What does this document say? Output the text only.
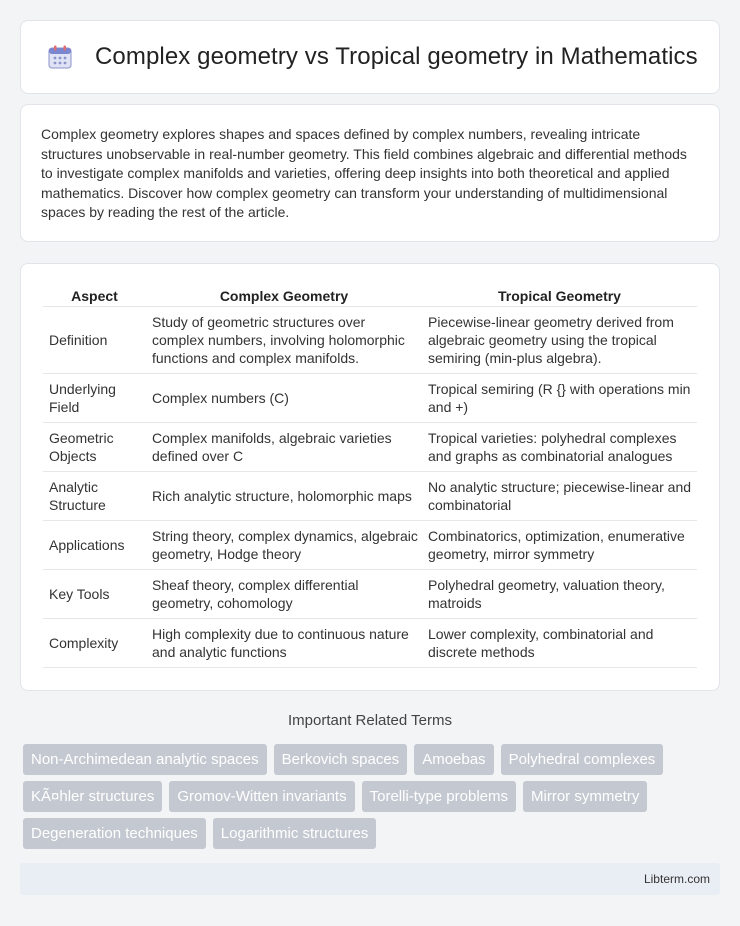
Complex geometry vs Tropical geometry in Mathematics

Complex geometry explores shapes and spaces defined by complex numbers, revealing intricate structures unobservable in real-number geometry. This field combines algebraic and differential methods to investigate complex manifolds and varieties, offering deep insights into both theoretical and applied mathematics. Discover how complex geometry can transform your understanding of multidimensional spaces by reading the rest of the article.

Aspect	Complex Geometry	Tropical Geometry
Definition	Study of geometric structures over complex numbers, involving holomorphic functions and complex manifolds.	Piecewise-linear geometry derived from algebraic geometry using the tropical semiring (min-plus algebra).
Underlying Field	Complex numbers (C)	Tropical semiring (R {} with operations min and +)
Geometric Objects	Complex manifolds, algebraic varieties defined over C	Tropical varieties: polyhedral complexes and graphs as combinatorial analogues
Analytic Structure	Rich analytic structure, holomorphic maps	No analytic structure; piecewise-linear and combinatorial
Applications	String theory, complex dynamics, algebraic geometry, Hodge theory	Combinatorics, optimization, enumerative geometry, mirror symmetry
Key Tools	Sheaf theory, complex differential geometry, cohomology	Polyhedral geometry, valuation theory, matroids
Complexity	High complexity due to continuous nature and analytic functions	Lower complexity, combinatorial and discrete methods
Important Related Terms
Non-Archimedean analytic spaces	Berkovich spaces	Amoebas	Polyhedral complexes
KÃ¤hler structures	Gromov-Witten invariants	Torelli-type problems	Mirror symmetry
Degeneration techniques	Logarithmic structures
Libterm.com
